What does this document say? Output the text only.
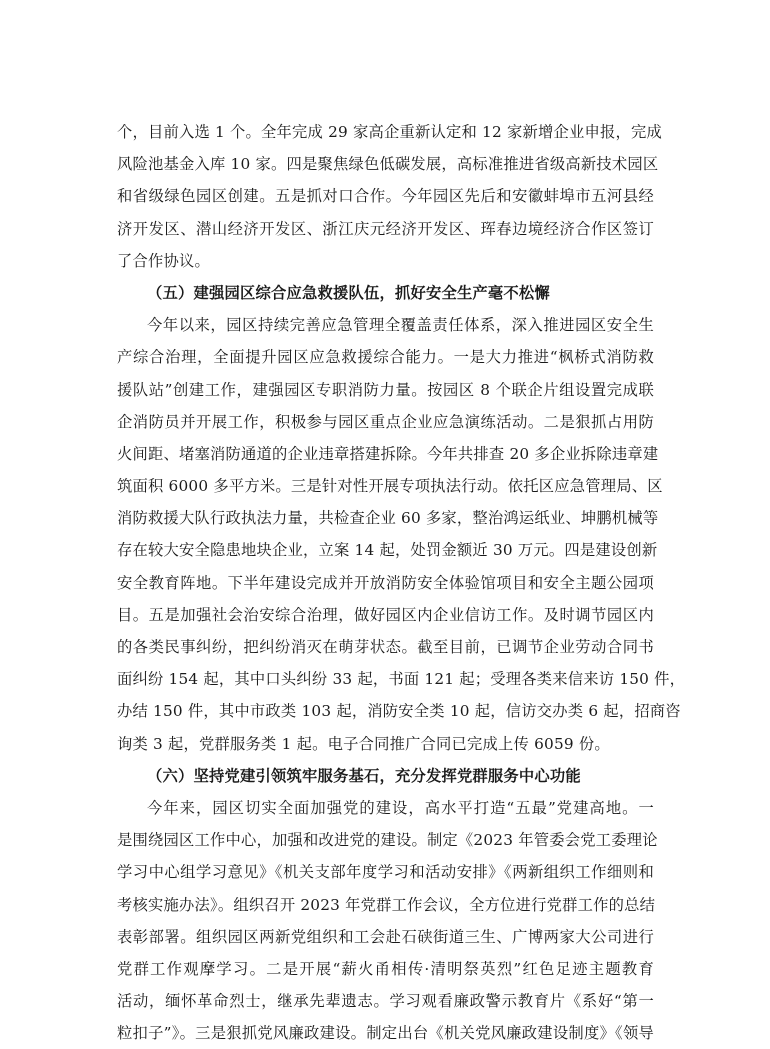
个，目前入选 1 个。全年完成 29 家高企重新认定和 12 家新增企业申报，完成
风险池基金入库 10 家。四是聚焦绿色低碳发展，高标准推进省级高新技术园区
和省级绿色园区创建。五是抓对口合作。今年园区先后和安徽蚌埠市五河县经
济开发区、潜山经济开发区、浙江庆元经济开发区、珲春边境经济合作区签订
了合作协议。
（五）建强园区综合应急救援队伍，抓好安全生产毫不松懈
今年以来，园区持续完善应急管理全覆盖责任体系，深入推进园区安全生
产综合治理，全面提升园区应急救援综合能力。一是大力推进“枫桥式消防救
援队站”创建工作，建强园区专职消防力量。按园区 8 个联企片组设置完成联
企消防员并开展工作，积极参与园区重点企业应急演练活动。二是狠抓占用防
火间距、堵塞消防通道的企业违章搭建拆除。今年共排查 20 多企业拆除违章建
筑面积 6000 多平方米。三是针对性开展专项执法行动。依托区应急管理局、区
消防救援大队行政执法力量，共检查企业 60 多家，整治鸿运纸业、坤鹏机械等
存在较大安全隐患地块企业，立案 14 起，处罚金额近 30 万元。四是建设创新
安全教育阵地。下半年建设完成并开放消防安全体验馆项目和安全主题公园项
目。五是加强社会治安综合治理，做好园区内企业信访工作。及时调节园区内
的各类民事纠纷，把纠纷消灭在萌芽状态。截至目前，已调节企业劳动合同书
面纠纷 154 起，其中口头纠纷 33 起，书面 121 起；受理各类来信来访 150 件，
办结 150 件，其中市政类 103 起，消防安全类 10 起，信访交办类 6 起，招商咨
询类 3 起，党群服务类 1 起。电子合同推广合同已完成上传 6059 份。
（六）坚持党建引领筑牢服务基石，充分发挥党群服务中心功能
今年来，园区切实全面加强党的建设，高水平打造“五最”党建高地。一
是围绕园区工作中心，加强和改进党的建设。制定《2023 年管委会党工委理论
学习中心组学习意见》《机关支部年度学习和活动安排》《两新组织工作细则和
考核实施办法》。组织召开 2023 年党群工作会议，全方位进行党群工作的总结
表彰部署。组织园区两新党组织和工会赴石硖街道三生、广博两家大公司进行
党群工作观摩学习。二是开展“薪火甬相传·清明祭英烈”红色足迹主题教育
活动，缅怀革命烈士，继承先辈遗志。学习观看廉政警示教育片《系好“第一
粒扣子”》。三是狠抓党风廉政建设。制定出台《机关党风廉政建设制度》《领导
